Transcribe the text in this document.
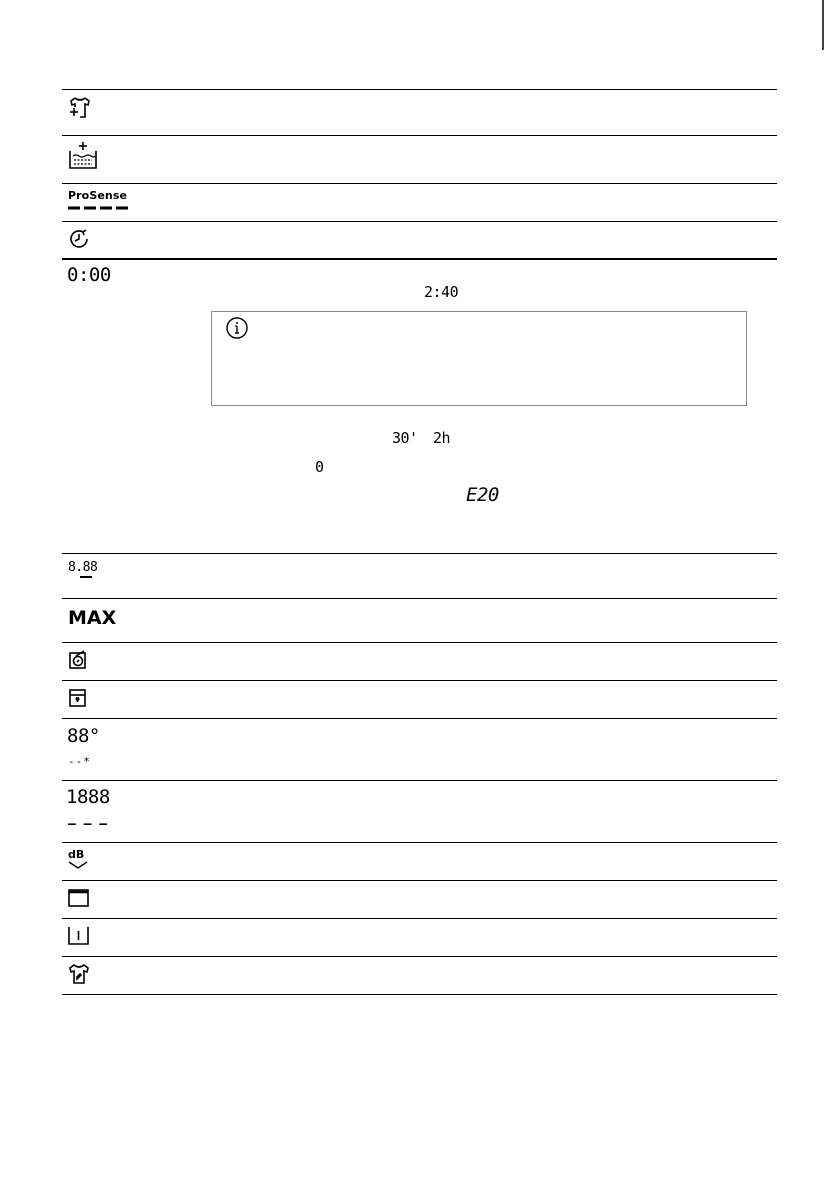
ProSense
0:00
2:40
30' 2h
0
E20
8.88
MAX
88°
--*
1888
– – –
dB
